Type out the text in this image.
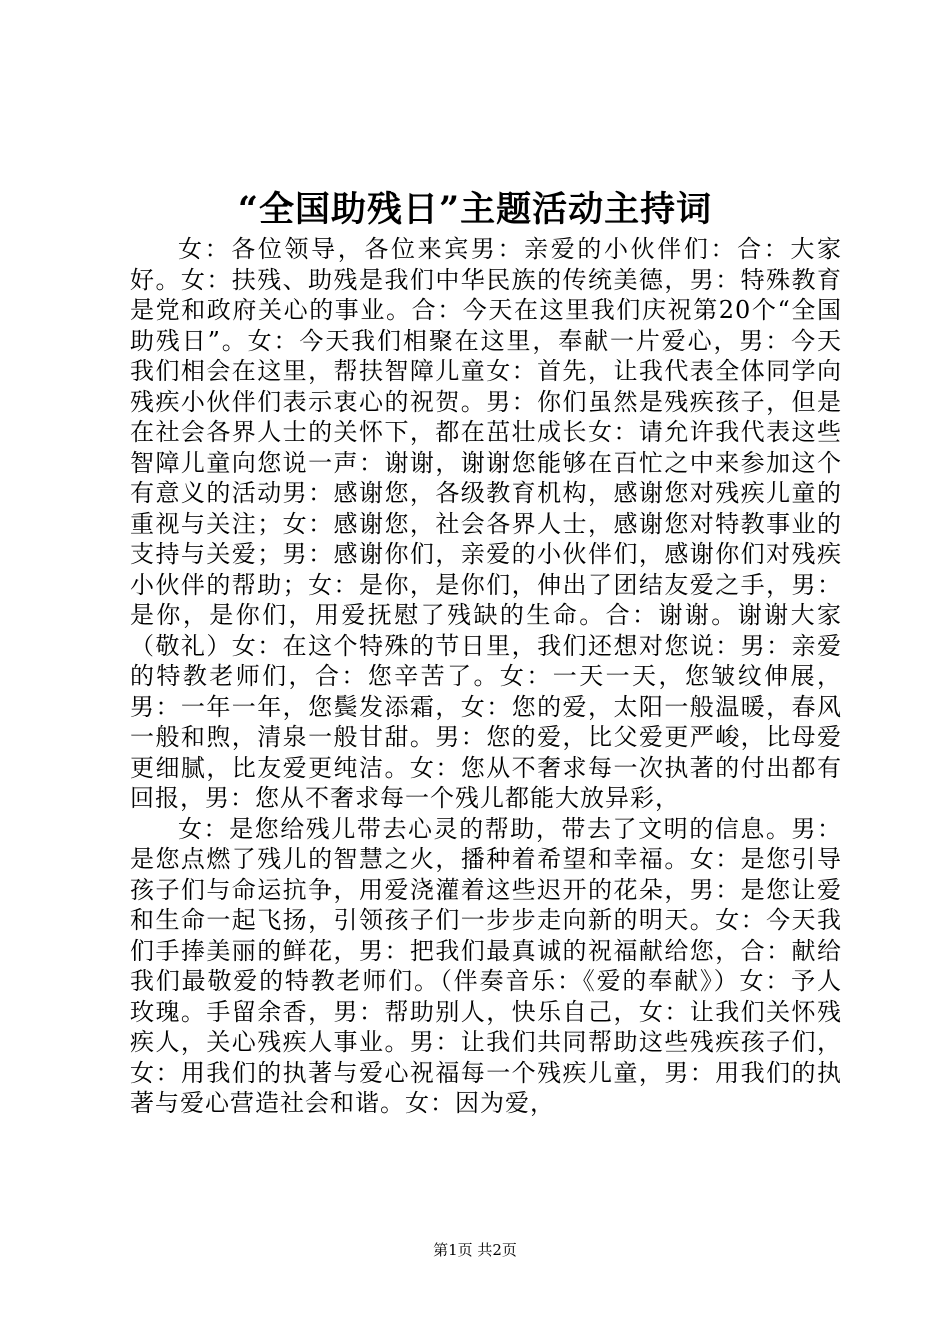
“全国助残日”主题活动主持词

女：各位领导，各位来宾男：亲爱的小伙伴们：合：大家好。女：扶残、助残是我们中华民族的传统美德，男：特殊教育是党和政府关心的事业。合：今天在这里我们庆祝第20个“全国助残日”。女：今天我们相聚在这里，奉献一片爱心，男：今天我们相会在这里，帮扶智障儿童女：首先，让我代表全体同学向残疾小伙伴们表示衷心的祝贺。男：你们虽然是残疾孩子，但是在社会各界人士的关怀下，都在茁壮成长女：请允许我代表这些智障儿童向您说一声：谢谢，谢谢您能够在百忙之中来参加这个有意义的活动男：感谢您，各级教育机构，感谢您对残疾儿童的重视与关注；女：感谢您，社会各界人士，感谢您对特教事业的支持与关爱；男：感谢你们，亲爱的小伙伴们，感谢你们对残疾小伙伴的帮助；女：是你，是你们，伸出了团结友爱之手，男：是你，是你们，用爱抚慰了残缺的生命。合：谢谢。谢谢大家（敬礼）女：在这个特殊的节日里，我们还想对您说：男：亲爱的特教老师们，合：您辛苦了。女：一天一天，您皱纹伸展，男：一年一年，您鬓发添霜，女：您的爱，太阳一般温暖，春风一般和煦，清泉一般甘甜。男：您的爱，比父爱更严峻，比母爱更细腻，比友爱更纯洁。女：您从不奢求每一次执著的付出都有回报，男：您从不奢求每一个残儿都能大放异彩，

女：是您给残儿带去心灵的帮助，带去了文明的信息。男：是您点燃了残儿的智慧之火，播种着希望和幸福。女：是您引导孩子们与命运抗争，用爱浇灌着这些迟开的花朵，男：是您让爱和生命一起飞扬，引领孩子们一步步走向新的明天。女：今天我们手捧美丽的鲜花，男：把我们最真诚的祝福献给您，合：献给我们最敬爱的特教老师们。（伴奏音乐：《爱的奉献》）女：予人玫瑰。手留余香，男：帮助别人，快乐自己，女：让我们关怀残疾人，关心残疾人事业。男：让我们共同帮助这些残疾孩子们，女：用我们的执著与爱心祝福每一个残疾儿童，男：用我们的执著与爱心营造社会和谐。女：因为爱，

第1页 共2页
